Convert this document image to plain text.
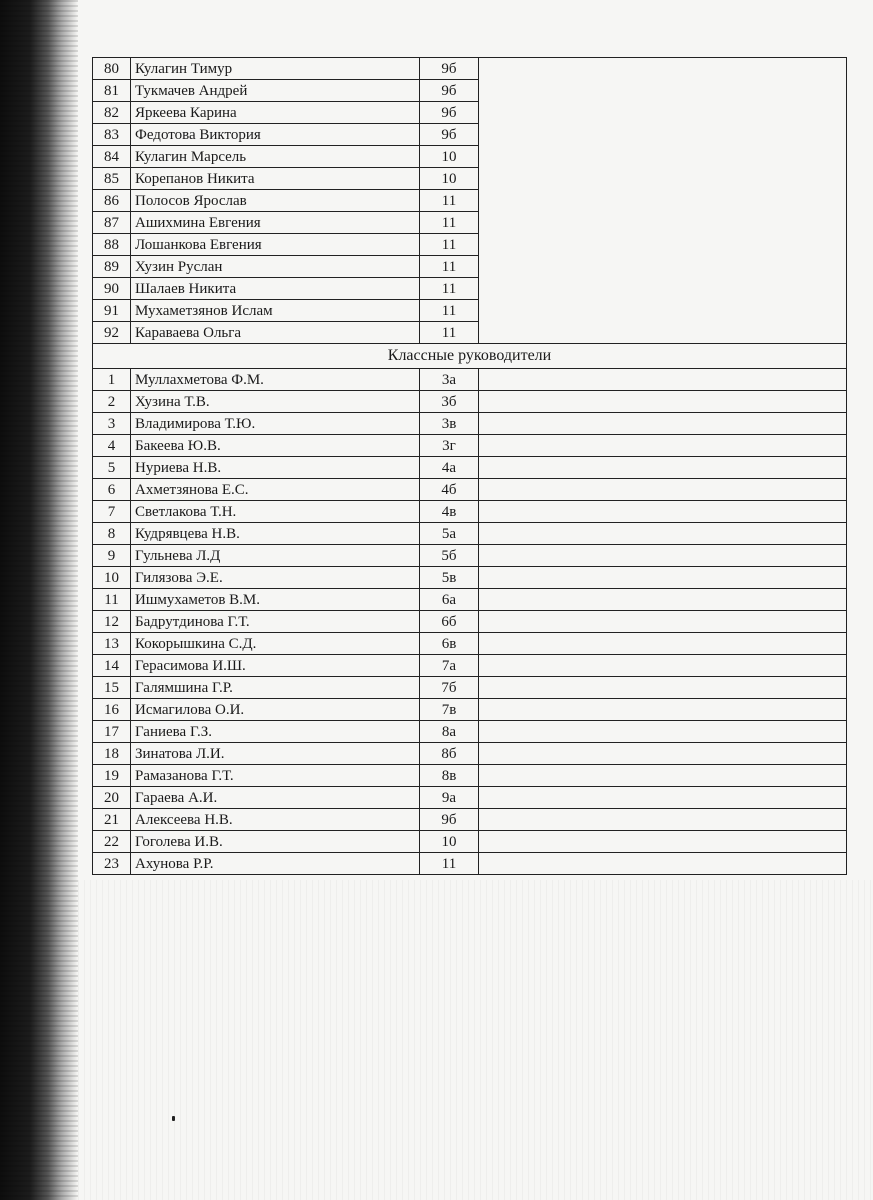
80	Кулагин Тимур	9б	
81	Тукмачев Андрей	9б	
82	Яркеева Карина	9б	
83	Федотова Виктория	9б	
84	Кулагин Марсель	10	
85	Корепанов Никита	10	
86	Полосов Ярослав	11	
87	Ашихмина Евгения	11	
88	Лошанкова Евгения	11	
89	Хузин Руслан	11	
90	Шалаев Никита	11	
91	Мухаметзянов Ислам	11	
92	Караваева Ольга	11	
Классные руководители			
1	Муллахметова Ф.М.	3а	
2	Хузина Т.В.	3б	
3	Владимирова Т.Ю.	3в	
4	Бакеева Ю.В.	3г	
5	Нуриева Н.В.	4а	
6	Ахметзянова Е.С.	4б	
7	Светлакова Т.Н.	4в	
8	Кудрявцева Н.В.	5а	
9	Гульнева Л.Д	5б	
10	Гилязова Э.Е.	5в	
11	Ишмухаметов В.М.	6а	
12	Бадрутдинова Г.Т.	6б	
13	Кокорышкина С.Д.	6в	
14	Герасимова И.Ш.	7а	
15	Галямшина Г.Р.	7б	
16	Исмагилова О.И.	7в	
17	Ганиева Г.З.	8а	
18	Зинатова Л.И.	8б	
19	Рамазанова Г.Т.	8в	
20	Гараева А.И.	9а	
21	Алексеева Н.В.	9б	
22	Гоголева И.В.	10	
23	Ахунова Р.Р.	11	
